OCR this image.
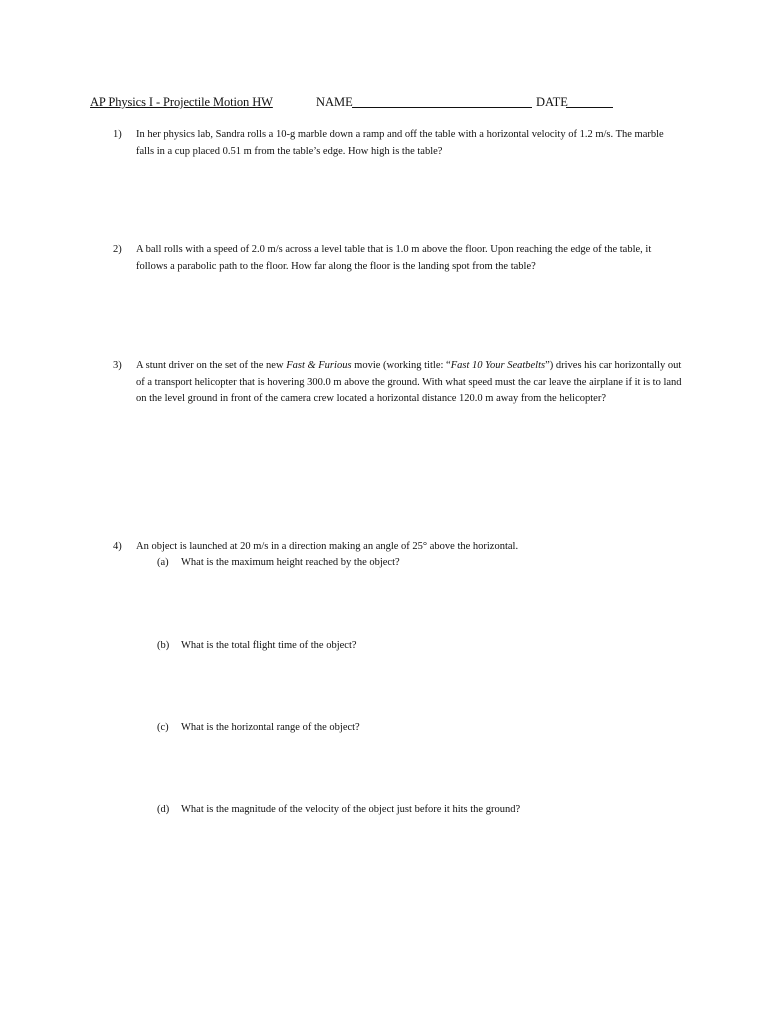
AP Physics I - Projectile Motion HW	NAME	DATE
1) In her physics lab, Sandra rolls a 10-g marble down a ramp and off the table with a horizontal velocity of 1.2 m/s. The marble falls in a cup placed 0.51 m from the table’s edge. How high is the table?
2) A ball rolls with a speed of 2.0 m/s across a level table that is 1.0 m above the floor. Upon reaching the edge of the table, it follows a parabolic path to the floor. How far along the floor is the landing spot from the table?
3) A stunt driver on the set of the new Fast & Furious movie (working title: “Fast 10 Your Seatbelts”) drives his car horizontally out of a transport helicopter that is hovering 300.0 m above the ground. With what speed must the car leave the airplane if it is to land on the level ground in front of the camera crew located a horizontal distance 120.0 m away from the helicopter?
4) An object is launched at 20 m/s in a direction making an angle of 25° above the horizontal.
(a) What is the maximum height reached by the object?
(b) What is the total flight time of the object?
(c) What is the horizontal range of the object?
(d) What is the magnitude of the velocity of the object just before it hits the ground?
